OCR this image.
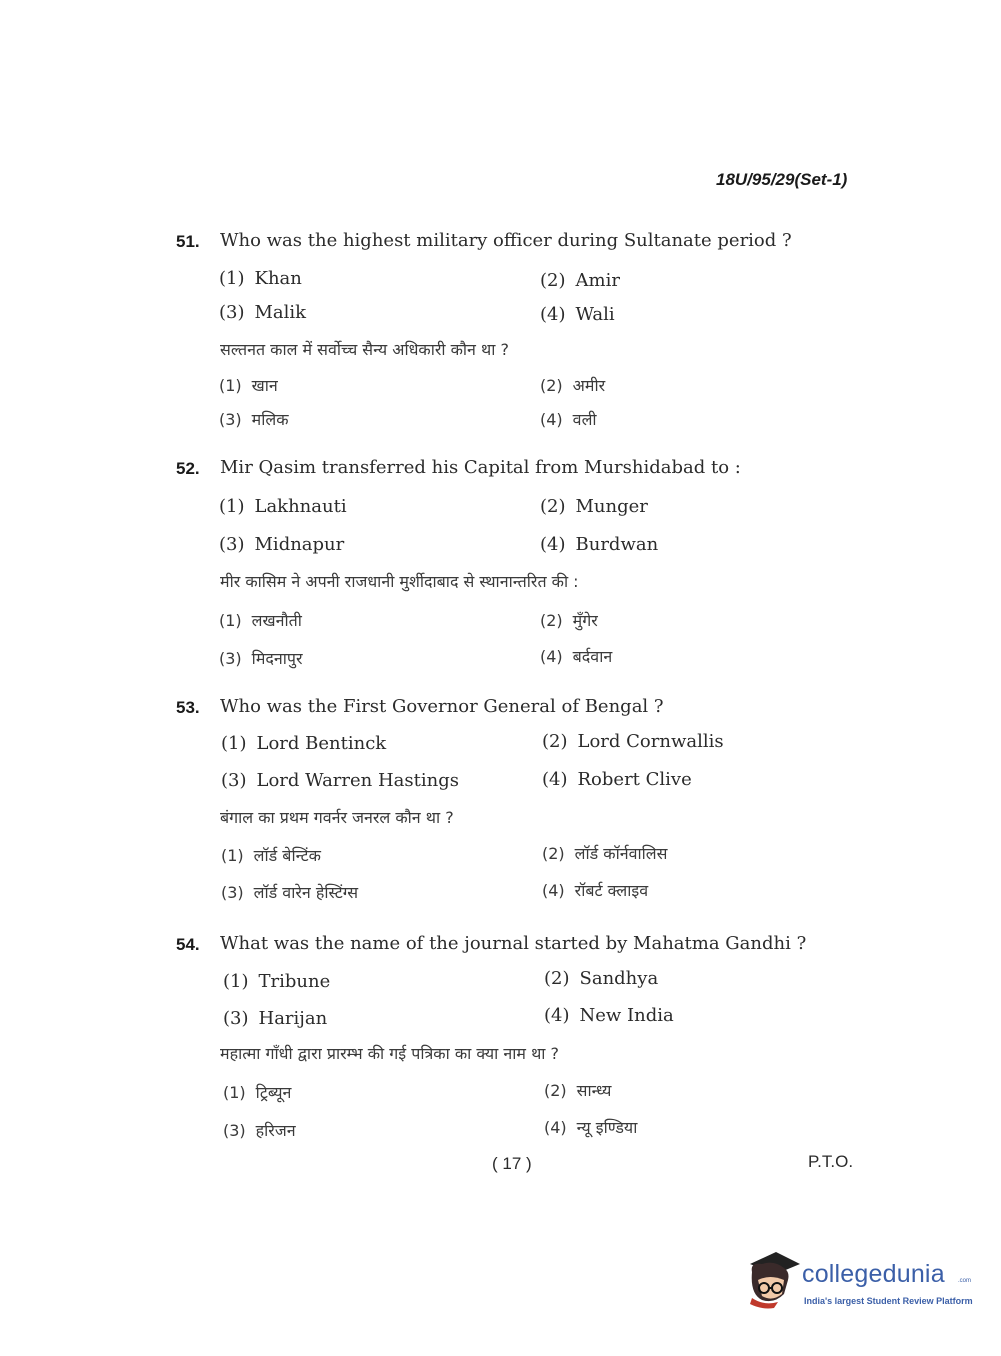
18U/95/29(Set-1)
51. Who was the highest military officer during Sultanate period ?
(1) Khan	(2) Amir
(3) Malik	(4) Wali
सल्तनत काल में सर्वोच्च सैन्य अधिकारी कौन था ?
(1) खान	(2) अमीर
(3) मलिक	(4) वली
52. Mir Qasim transferred his Capital from Murshidabad to :
(1) Lakhnauti	(2) Munger
(3) Midnapur	(4) Burdwan
मीर कासिम ने अपनी राजधानी मुर्शीदाबाद से स्थानान्तरित की :
(1) लखनौती	(2) मुँगेर
(3) मिदनापुर	(4) बर्दवान
53. Who was the First Governor General of Bengal ?
(1) Lord Bentinck	(2) Lord Cornwallis
(3) Lord Warren Hastings	(4) Robert Clive
बंगाल का प्रथम गवर्नर जनरल कौन था ?
(1) लॉर्ड बेन्टिंक	(2) लॉर्ड कॉर्नवालिस
(3) लॉर्ड वारेन हेस्टिंग्स	(4) रॉबर्ट क्लाइव
54. What was the name of the journal started by Mahatma Gandhi ?
(1) Tribune	(2) Sandhya
(3) Harijan	(4) New India
महात्मा गाँधी द्वारा प्रारम्भ की गई पत्रिका का क्या नाम था ?
(1) ट्रिब्यून	(2) सान्ध्य
(3) हरिजन	(4) न्यू इण्डिया
( 17 )	P.T.O.
collegedunia .com
India's largest Student Review Platform
